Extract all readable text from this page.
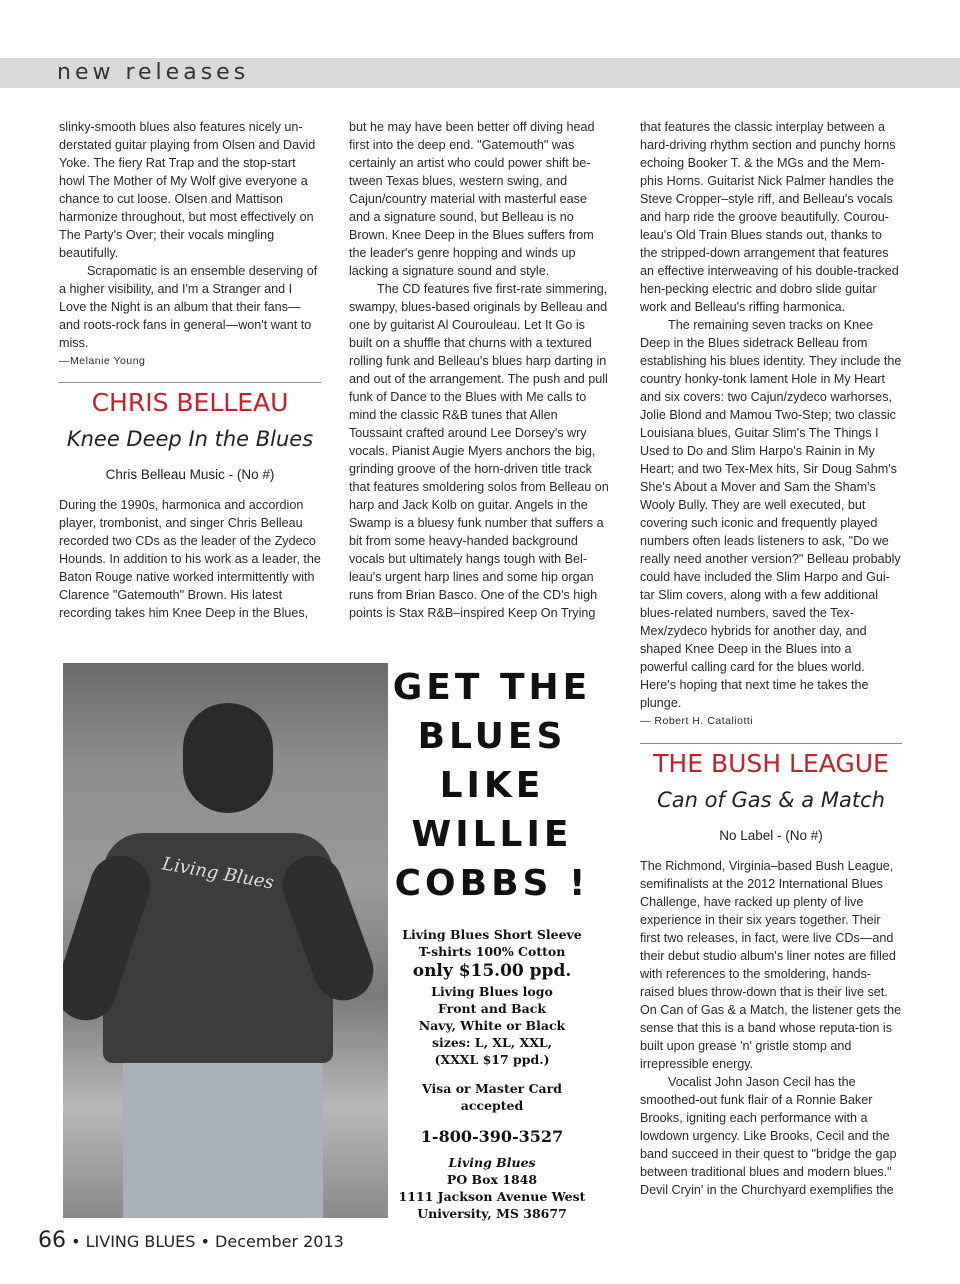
new releases

slinky-smooth blues also features nicely un-derstated guitar playing from Olsen and David Yoke. The fiery Rat Trap and the stop-start howl The Mother of My Wolf give everyone a chance to cut loose. Olsen and Mattison harmonize throughout, but most effectively on The Party's Over; their vocals mingling beautifully.

Scrapomatic is an ensemble deserving of a higher visibility, and I'm a Stranger and I Love the Night is an album that their fans—and roots-rock fans in general—won't want to miss.

—Melanie Young

CHRIS BELLEAU
Knee Deep In the Blues
Chris Belleau Music - (No #)

During the 1990s, harmonica and accordion player, trombonist, and singer Chris Belleau recorded two CDs as the leader of the Zydeco Hounds. In addition to his work as a leader, the Baton Rouge native worked intermittently with Clarence "Gatemouth" Brown. His latest recording takes him Knee Deep in the Blues,

but he may have been better off diving head first into the deep end. "Gatemouth" was certainly an artist who could power shift be-tween Texas blues, western swing, and Cajun/country material with masterful ease and a signature sound, but Belleau is no Brown. Knee Deep in the Blues suffers from the leader's genre hopping and winds up lacking a signature sound and style.

The CD features five first-rate simmering, swampy, blues-based originals by Belleau and one by guitarist Al Courouleau. Let It Go is built on a shuffle that churns with a textured rolling funk and Belleau's blues harp darting in and out of the arrangement. The push and pull funk of Dance to the Blues with Me calls to mind the classic R&B tunes that Allen Toussaint crafted around Lee Dorsey's wry vocals. Pianist Augie Myers anchors the big, grinding groove of the horn-driven title track that features smoldering solos from Belleau on harp and Jack Kolb on guitar. Angels in the Swamp is a bluesy funk number that suffers a bit from some heavy-handed background vocals but ultimately hangs tough with Bel-leau's urgent harp lines and some hip organ runs from Brian Basco. One of the CD's high points is Stax R&B–inspired Keep On Trying

that features the classic interplay between a hard-driving rhythm section and punchy horns echoing Booker T. & the MGs and the Mem-phis Horns. Guitarist Nick Palmer handles the Steve Cropper–style riff, and Belleau's vocals and harp ride the groove beautifully. Courou-leau's Old Train Blues stands out, thanks to the stripped-down arrangement that features an effective interweaving of his double-tracked hen-pecking electric and dobro slide guitar work and Belleau's riffing harmonica.

The remaining seven tracks on Knee Deep in the Blues sidetrack Belleau from establishing his blues identity. They include the country honky-tonk lament Hole in My Heart and six covers: two Cajun/zydeco warhorses, Jolie Blond and Mamou Two-Step; two classic Louisiana blues, Guitar Slim's The Things I Used to Do and Slim Harpo's Rainin in My Heart; and two Tex-Mex hits, Sir Doug Sahm's She's About a Mover and Sam the Sham's Wooly Bully. They are well executed, but covering such iconic and frequently played numbers often leads listeners to ask, "Do we really need another version?" Belleau probably could have included the Slim Harpo and Gui-tar Slim covers, along with a few additional blues-related numbers, saved the Tex-Mex/zydeco hybrids for another day, and shaped Knee Deep in the Blues into a powerful calling card for the blues world. Here's hoping that next time he takes the plunge.

— Robert H. Cataliotti

THE BUSH LEAGUE
Can of Gas & a Match
No Label - (No #)

The Richmond, Virginia–based Bush League, semifinalists at the 2012 International Blues Challenge, have racked up plenty of live experience in their six years together. Their first two releases, in fact, were live CDs—and their debut studio album's liner notes are filled with references to the smoldering, hands-raised blues throw-down that is their live set. On Can of Gas & a Match, the listener gets the sense that this is a band whose reputa-tion is built upon grease 'n' gristle stomp and irrepressible energy.

Vocalist John Jason Cecil has the smoothed-out funk flair of a Ronnie Baker Brooks, igniting each performance with a lowdown urgency. Like Brooks, Cecil and the band succeed in their quest to "bridge the gap between traditional blues and modern blues." Devil Cryin' in the Churchyard exemplifies the

Living Blues
GET THE
BLUES
LIKE
WILLIE
COBBS !
Living Blues Short Sleeve
T-shirts 100% Cotton
only $15.00 ppd.
Living Blues logo
Front and Back
Navy, White or Black
sizes: L, XL, XXL,
(XXXL $17 ppd.)
Visa or Master Card accepted
1-800-390-3527
Living Blues
PO Box 1848
1111 Jackson Avenue West
University, MS 38677
66 • LIVING BLUES • December 2013
